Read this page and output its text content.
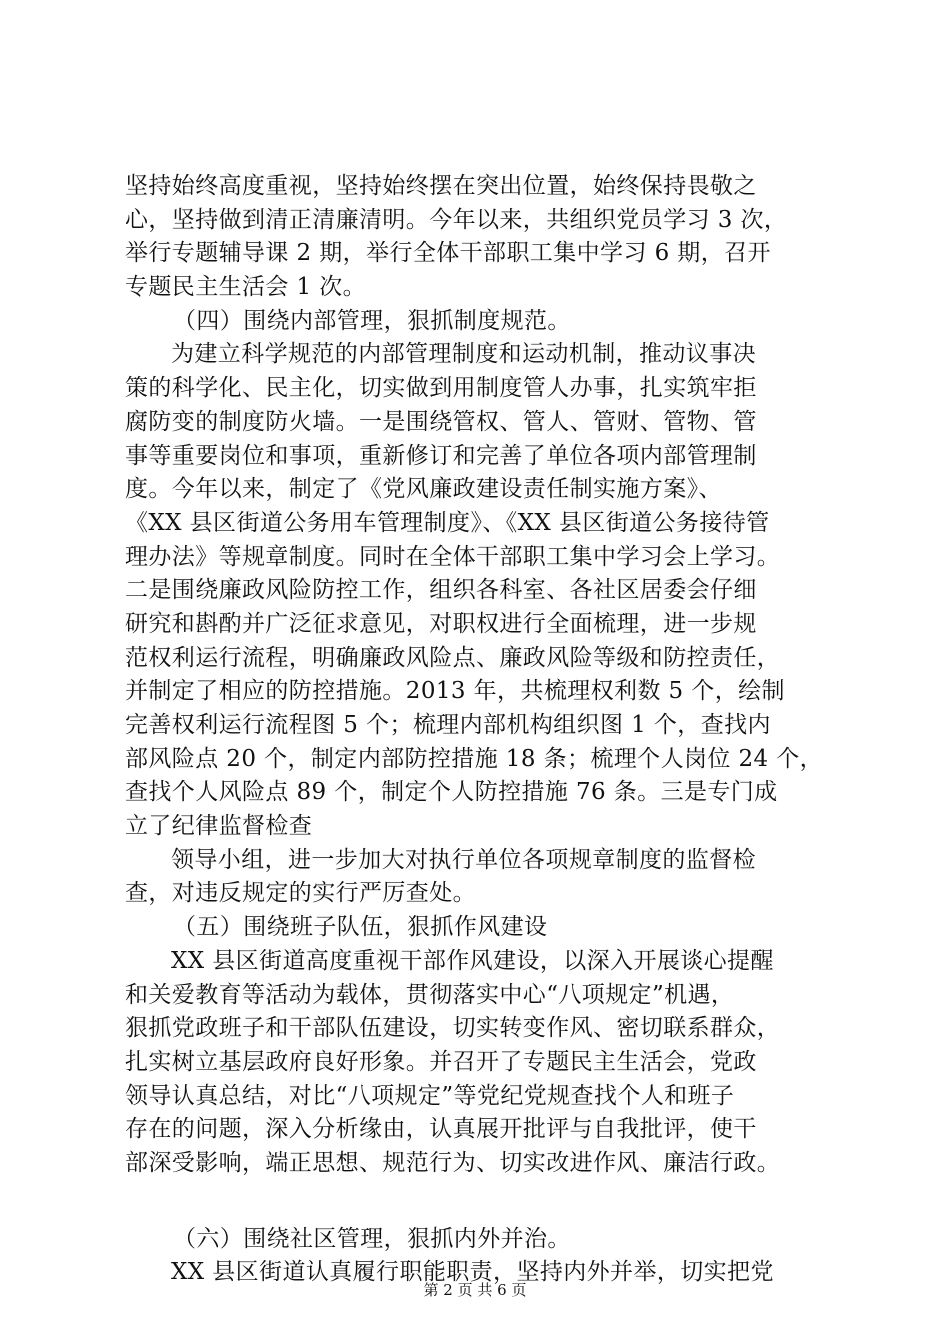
坚持始终高度重视，坚持始终摆在突出位置，始终保持畏敬之
心，坚持做到清正清廉清明。今年以来，共组织党员学习 3 次，
举行专题辅导课 2 期，举行全体干部职工集中学习 6 期，召开
专题民主生活会 1 次。
（四）围绕内部管理，狠抓制度规范。
为建立科学规范的内部管理制度和运动机制，推动议事决
策的科学化、民主化，切实做到用制度管人办事，扎实筑牢拒
腐防变的制度防火墙。一是围绕管权、管人、管财、管物、管
事等重要岗位和事项，重新修订和完善了单位各项内部管理制
度。今年以来，制定了《党风廉政建设责任制实施方案》、
《XX 县区街道公务用车管理制度》、《XX 县区街道公务接待管
理办法》等规章制度。同时在全体干部职工集中学习会上学习。
二是围绕廉政风险防控工作，组织各科室、各社区居委会仔细
研究和斟酌并广泛征求意见，对职权进行全面梳理，进一步规
范权利运行流程，明确廉政风险点、廉政风险等级和防控责任，
并制定了相应的防控措施。2013 年，共梳理权利数 5 个，绘制
完善权利运行流程图 5 个；梳理内部机构组织图 1 个，查找内
部风险点 20 个，制定内部防控措施 18 条；梳理个人岗位 24 个，
查找个人风险点 89 个，制定个人防控措施 76 条。三是专门成
立了纪律监督检查
领导小组，进一步加大对执行单位各项规章制度的监督检
查，对违反规定的实行严厉查处。
（五）围绕班子队伍，狠抓作风建设
XX 县区街道高度重视干部作风建设，以深入开展谈心提醒
和关爱教育等活动为载体，贯彻落实中心“八项规定”机遇，
狠抓党政班子和干部队伍建设，切实转变作风、密切联系群众，
扎实树立基层政府良好形象。并召开了专题民主生活会，党政
领导认真总结，对比“八项规定”等党纪党规查找个人和班子
存在的问题，深入分析缘由，认真展开批评与自我批评，使干
部深受影响，端正思想、规范行为、切实改进作风、廉洁行政。
（六）围绕社区管理，狠抓内外并治。
XX 县区街道认真履行职能职责，坚持内外并举，切实把党
第 2 页 共 6 页
